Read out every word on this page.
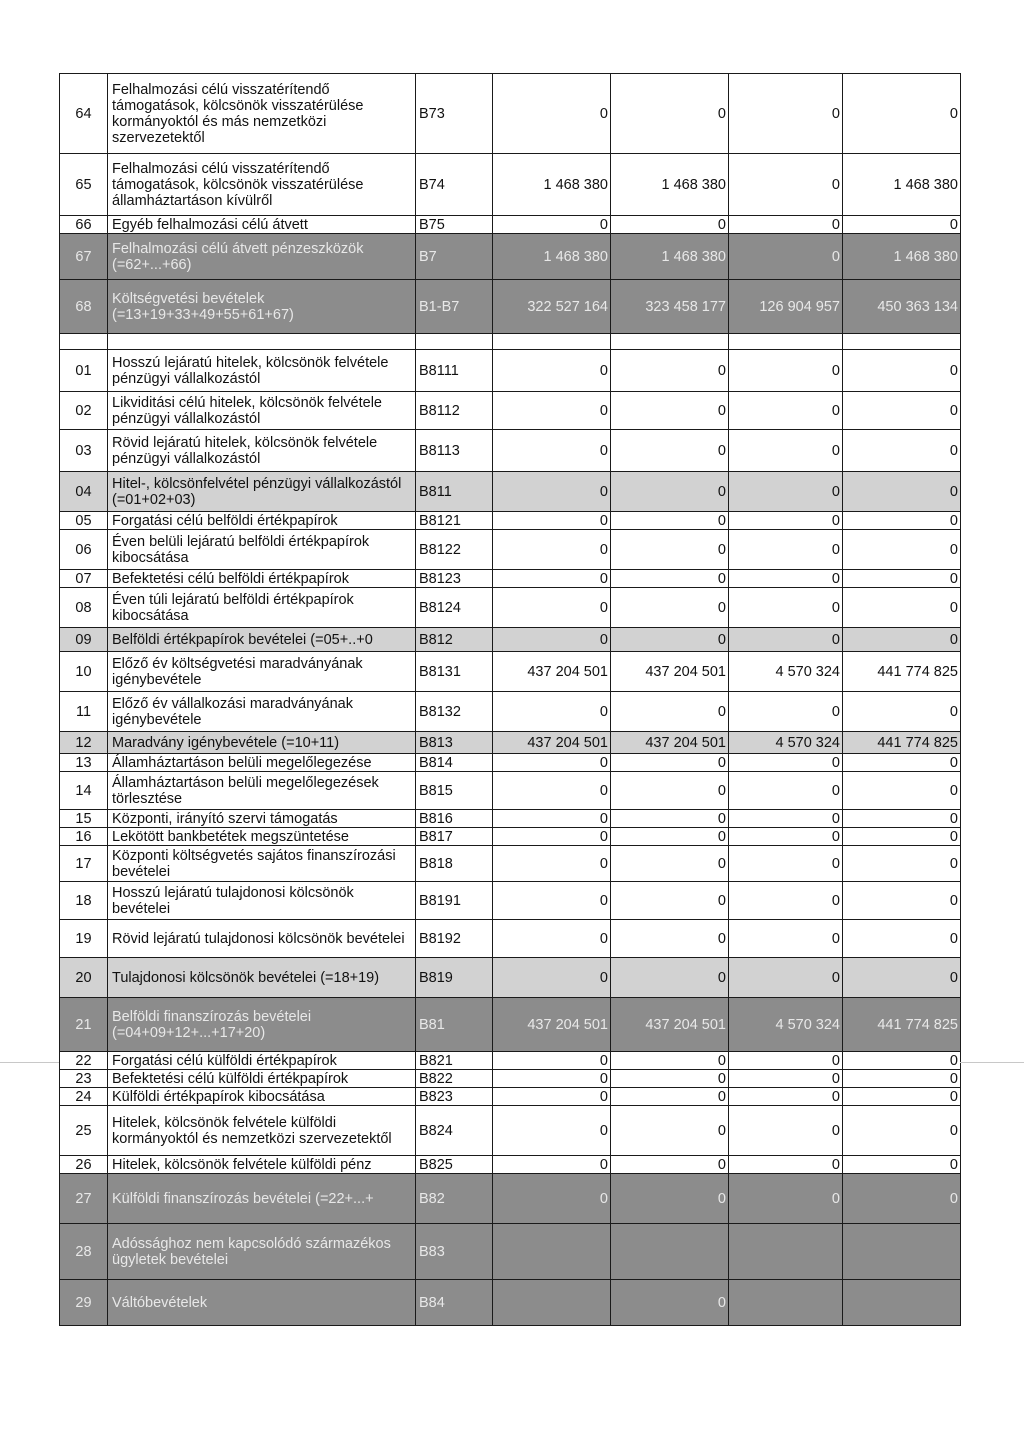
64	Felhalmozási célú visszatérítendő támogatások, kölcsönök visszatérülése kormányoktól és más nemzetközi szervezetektől	B73	0	0	0	0
65	Felhalmozási célú visszatérítendő támogatások, kölcsönök visszatérülése államháztartáson kívülről	B74	1 468 380	1 468 380	0	1 468 380
66	Egyéb felhalmozási célú átvett	B75	0	0	0	0
67	Felhalmozási célú átvett pénzeszközök (=62+...+66)	B7	1 468 380	1 468 380	0	1 468 380
68	Költségvetési bevételek (=13+19+33+49+55+61+67)	B1-B7	322 527 164	323 458 177	126 904 957	450 363 134

01	Hosszú lejáratú hitelek, kölcsönök felvétele pénzügyi vállalkozástól	B8111	0	0	0	0
02	Likviditási célú hitelek, kölcsönök felvétele pénzügyi vállalkozástól	B8112	0	0	0	0
03	Rövid lejáratú hitelek, kölcsönök felvétele pénzügyi vállalkozástól	B8113	0	0	0	0
04	Hitel-, kölcsönfelvétel pénzügyi vállalkozástól (=01+02+03)	B811	0	0	0	0
05	Forgatási célú belföldi értékpapírok	B8121	0	0	0	0
06	Éven belüli lejáratú belföldi értékpapírok kibocsátása	B8122	0	0	0	0
07	Befektetési célú belföldi értékpapírok	B8123	0	0	0	0
08	Éven túli lejáratú belföldi értékpapírok kibocsátása	B8124	0	0	0	0
09	Belföldi értékpapírok bevételei (=05+..+0	B812	0	0	0	0
10	Előző év költségvetési maradványának igénybevétele	B8131	437 204 501	437 204 501	4 570 324	441 774 825
11	Előző év vállalkozási maradványának igénybevétele	B8132	0	0	0	0
12	Maradvány igénybevétele (=10+11)	B813	437 204 501	437 204 501	4 570 324	441 774 825
13	Államháztartáson belüli megelőlegezése	B814	0	0	0	0
14	Államháztartáson belüli megelőlegezések törlesztése	B815	0	0	0	0
15	Központi, irányító szervi támogatás	B816	0	0	0	0
16	Lekötött bankbetétek megszüntetése	B817	0	0	0	0
17	Központi költségvetés sajátos finanszírozási bevételei	B818	0	0	0	0
18	Hosszú lejáratú tulajdonosi kölcsönök bevételei	B8191	0	0	0	0
19	Rövid lejáratú tulajdonosi kölcsönök bevételei	B8192	0	0	0	0
20	Tulajdonosi kölcsönök bevételei (=18+19)	B819	0	0	0	0
21	Belföldi finanszírozás bevételei (=04+09+12+...+17+20)	B81	437 204 501	437 204 501	4 570 324	441 774 825
22	Forgatási célú külföldi értékpapírok	B821	0	0	0	0
23	Befektetési célú külföldi értékpapírok	B822	0	0	0	0
24	Külföldi értékpapírok kibocsátása	B823	0	0	0	0
25	Hitelek, kölcsönök felvétele külföldi kormányoktól és nemzetközi szervezetektől	B824	0	0	0	0
26	Hitelek, kölcsönök felvétele külföldi pénz	B825	0	0	0	0
27	Külföldi finanszírozás bevételei (=22+...+	B82	0	0	0	0
28	Adóssághoz nem kapcsolódó származékos ügyletek bevételei	B83				
29	Váltóbevételek	B84		0		
